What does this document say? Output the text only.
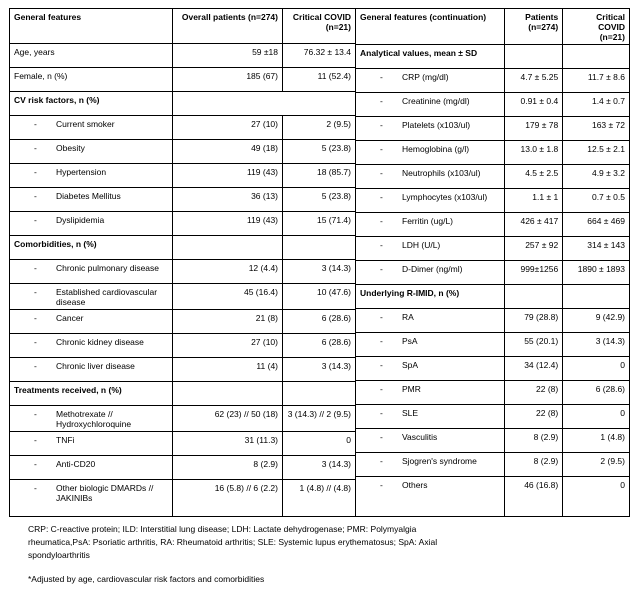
General features	Overall patients (n=274)	Critical COVID
(n=21)
Age, years	59 ±18	76.32 ± 13.4
Female, n (%)	185 (67)	11 (52.4)
CV risk factors, n (%)
-	Current smoker	27 (10)	2 (9.5)
-	Obesity	49 (18)	5 (23.8)
-	Hypertension	119 (43)	18 (85.7)
-	Diabetes Mellitus	36 (13)	5 (23.8)
-	Dyslipidemia	119 (43)	15 (71.4)
Comorbidities, n (%)
-	Chronic pulmonary disease	12 (4.4)	3 (14.3)
-	Established cardiovascular disease
45 (16.4)	10 (47.6)
-	Cancer	21 (8)	6 (28.6)
-	Chronic kidney disease	27 (10)	6 (28.6)
-	Chronic liver disease	11 (4)	3 (14.3)
Treatments received, n (%)
-	Methotrexate // Hydroxychloroquine
62 (23) // 50 (18)	3 (14.3) // 2 (9.5)
-	TNFi	31 (11.3)	0
-	Anti-CD20	8 (2.9)	3 (14.3)
-	Other biologic DMARDs // JAKINIBs
16 (5.8) // 6 (2.2)	1 (4.8) // (4.8)
General features (continuation)	Patients
(n=274)
Critical COVID
(n=21)
Analytical values, mean ± SD
-	CRP (mg/dl)	4.7 ± 5.25	11.7 ± 8.6
-	Creatinine (mg/dl)	0.91 ± 0.4	1.4 ± 0.7
-	Platelets (x103/ul)	179 ± 78	163 ± 72
-	Hemoglobina (g/l)	13.0 ± 1.8	12.5 ± 2.1
-	Neutrophils (x103/ul)	4.5 ± 2.5	4.9 ± 3.2
-	Lymphocytes (x103/ul)	1.1 ± 1	0.7 ± 0.5
-	Ferritin (ug/L)	426 ± 417	664 ± 469
-	LDH (U/L)	257 ± 92	314 ± 143
-	D-Dimer (ng/ml)	999±1256	1890 ± 1893
Underlying R-IMID, n (%)
-	RA	79 (28.8)	9 (42.9)
-	PsA	55 (20.1)	3 (14.3)
-	SpA	34 (12.4)	0
-	PMR	22 (8)	6 (28.6)
-	SLE	22 (8)	0
-	Vasculitis	8 (2.9)	1 (4.8)
-	Sjogren's syndrome	8 (2.9)	2 (9.5)
-	Others	46 (16.8)	0
CRP: C-reactive protein; ILD: Interstitial lung disease; LDH: Lactate dehydrogenase; PMR: Polymyalgia
rheumatica,PsA: Psoriatic arthritis, RA: Rheumatoid arthritis; SLE: Systemic lupus erythematosus; SpA: Axial
spondyloarthritis
*Adjusted by age, cardiovascular risk factors and comorbidities
